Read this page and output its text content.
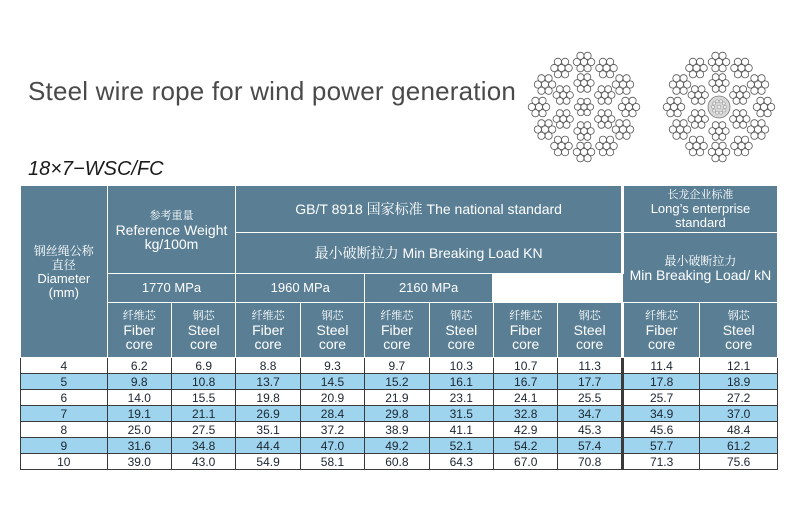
Steel wire rope for wind power generation
18×7−WSC/FC
钢丝绳公称直径
Diameter
(mm)	参考重量
Reference Weight
kg/100m		GB/T 8918 国家标准 The national standard						长龙企业标准
Long’s enterprise
standard	

			最小破断拉力 Min Breaking Load KN						最小破断拉力
Min Breaking Load/ kN	

	1770 MPa		1960 MPa		2160 MPa					

	纤维芯
Fiber
core	钢芯
Steel
core	纤维芯
Fiber
core	钢芯
Steel
core	纤维芯
Fiber
core	钢芯
Steel
core	纤维芯
Fiber
core	钢芯
Steel
core	纤维芯
Fiber
core	钢芯
Steel
core

4	6.2	6.9	8.8	9.3	9.7	10.3	10.7	11.3	11.4	12.1
5	9.8	10.8	13.7	14.5	15.2	16.1	16.7	17.7	17.8	18.9
6	14.0	15.5	19.8	20.9	21.9	23.1	24.1	25.5	25.7	27.2
7	19.1	21.1	26.9	28.4	29.8	31.5	32.8	34.7	34.9	37.0
8	25.0	27.5	35.1	37.2	38.9	41.1	42.9	45.3	45.6	48.4
9	31.6	34.8	44.4	47.0	49.2	52.1	54.2	57.4	57.7	61.2
10	39.0	43.0	54.9	58.1	60.8	64.3	67.0	70.8	71.3	75.6
